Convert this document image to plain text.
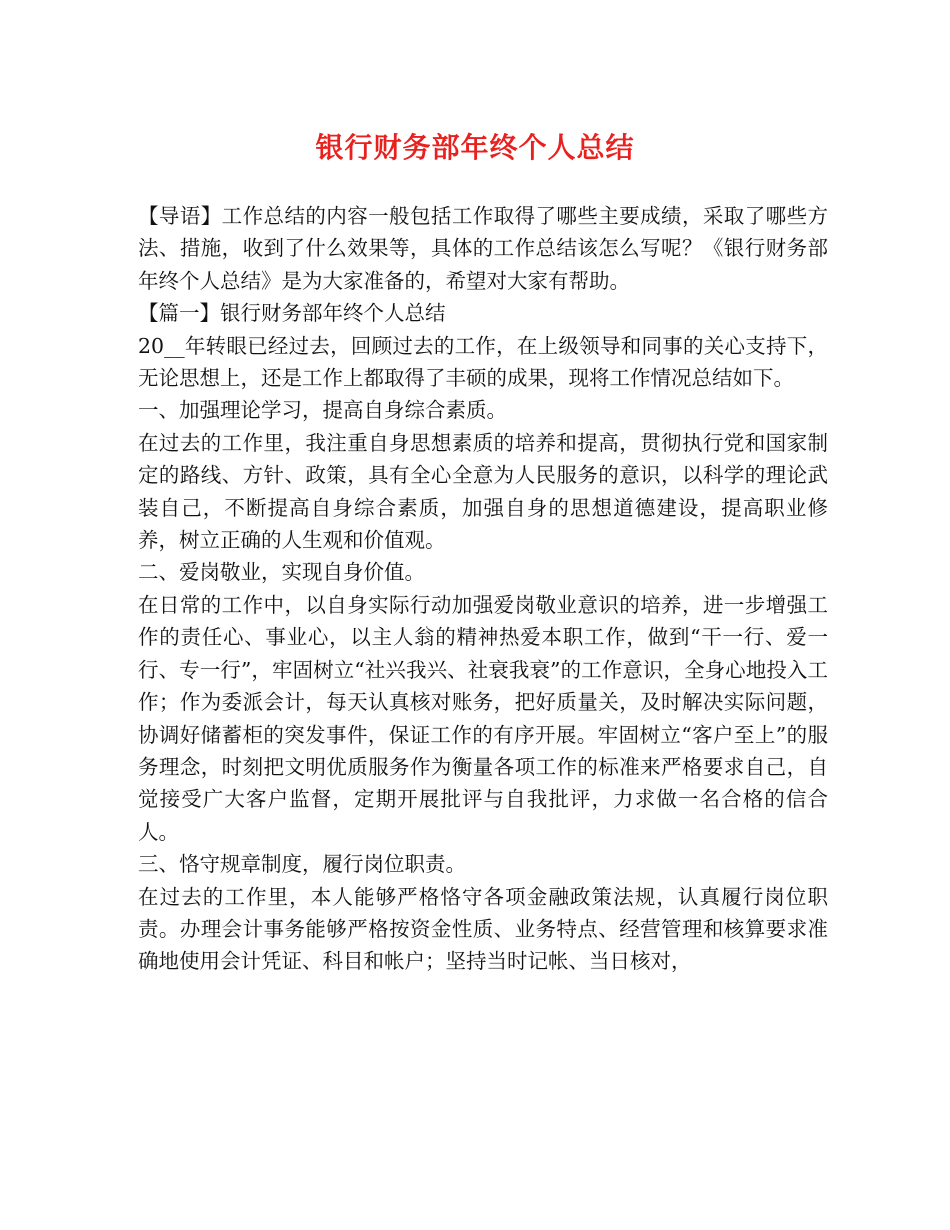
银行财务部年终个人总结

【导语】工作总结的内容一般包括工作取得了哪些主要成绩，采取了哪些方法、措施，收到了什么效果等，具体的工作总结该怎么写呢？《银行财务部年终个人总结》是为大家准备的，希望对大家有帮助。

【篇一】银行财务部年终个人总结

20__年转眼已经过去，回顾过去的工作，在上级领导和同事的关心支持下，无论思想上，还是工作上都取得了丰硕的成果，现将工作情况总结如下。

一、加强理论学习，提高自身综合素质。

在过去的工作里，我注重自身思想素质的培养和提高，贯彻执行党和国家制定的路线、方针、政策，具有全心全意为人民服务的意识，以科学的理论武装自己，不断提高自身综合素质，加强自身的思想道德建设，提高职业修养，树立正确的人生观和价值观。

二、爱岗敬业，实现自身价值。

在日常的工作中，以自身实际行动加强爱岗敬业意识的培养，进一步增强工作的责任心、事业心，以主人翁的精神热爱本职工作，做到“干一行、爱一行、专一行”，牢固树立“社兴我兴、社衰我衰”的工作意识，全身心地投入工作；作为委派会计，每天认真核对账务，把好质量关，及时解决实际问题，协调好储蓄柜的突发事件，保证工作的有序开展。牢固树立“客户至上”的服务理念，时刻把文明优质服务作为衡量各项工作的标准来严格要求自己，自觉接受广大客户监督，定期开展批评与自我批评，力求做一名合格的信合人。

三、恪守规章制度，履行岗位职责。

在过去的工作里，本人能够严格恪守各项金融政策法规，认真履行岗位职责。办理会计事务能够严格按资金性质、业务特点、经营管理和核算要求准确地使用会计凭证、科目和帐户；坚持当时记帐、当日核对，
